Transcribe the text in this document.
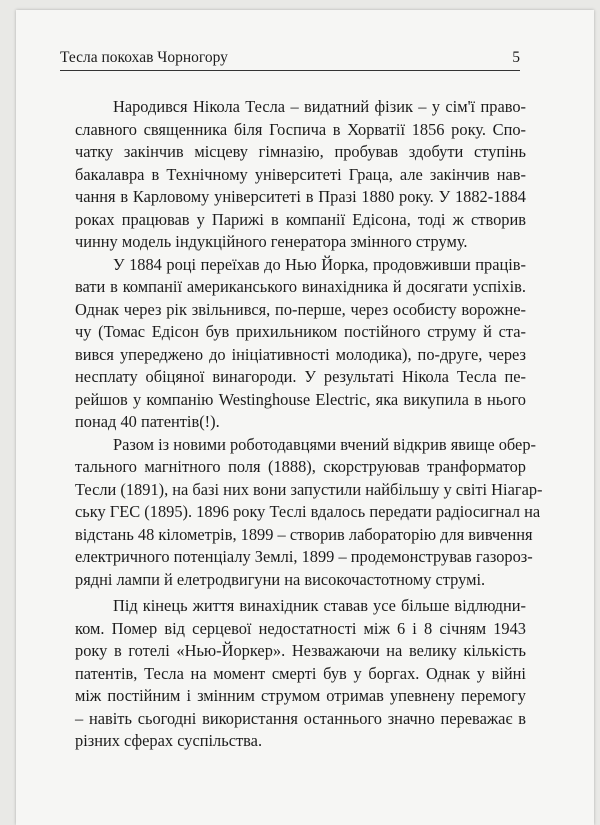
Тесла покохав Чорногору	5

Народився Нікола Тесла – видатний фізик – у сім'ї право-
славного священника біля Госпича в Хорватії 1856 року. Спо-
чатку закінчив місцеву гімназію, пробував здобути ступінь
бакалавра в Технічному університеті Граца, але закінчив нав-
чання в Карловому університеті в Празі 1880 року. У 1882-1884
роках працював у Парижі в компанії Едісона, тоді ж створив
чинну модель індукційного генератора змінного струму.

У 1884 році переїхав до Нью Йорка, продовживши праців-
вати в компанії американського винахідника й досягати успіхів.
Однак через рік звільнився, по-перше, через особисту ворожне-
чу (Томас Едісон був прихильником постійного струму й ста-
вився упереджено до ініціативності молодика), по-друге, через
несплату обіцяної винагороди. У результаті Нікола Тесла пе-
рейшов у компанію Westinghouse Electric, яка викупила в нього
понад 40 патентів(!).

Разом із новими роботодавцями вчений відкрив явище обер-
тального магнітного поля (1888), скорструював транформатор
Тесли (1891), на базі них вони запустили найбільшу у світі Ніагар-
ську ГЕС (1895). 1896 року Теслі вдалось передати радіосигнал на
відстань 48 кілометрів, 1899 – створив лабораторію для вивчення
електричного потенціалу Землі, 1899 – продемонстрував газороз-
рядні лампи й елетродвигуни на високочастотному струмі.

Під кінець життя винахідник ставав усе більше відлюдни-
ком. Помер від серцевої недостатності між 6 і 8 січням 1943
року в готелі «Нью-Йоркер». Незважаючи на велику кількість
патентів, Тесла на момент смерті був у боргах. Однак у війні
між постійним і змінним струмом отримав упевнену перемогу
– навіть сьогодні використання останнього значно переважає в
різних сферах суспільства.
